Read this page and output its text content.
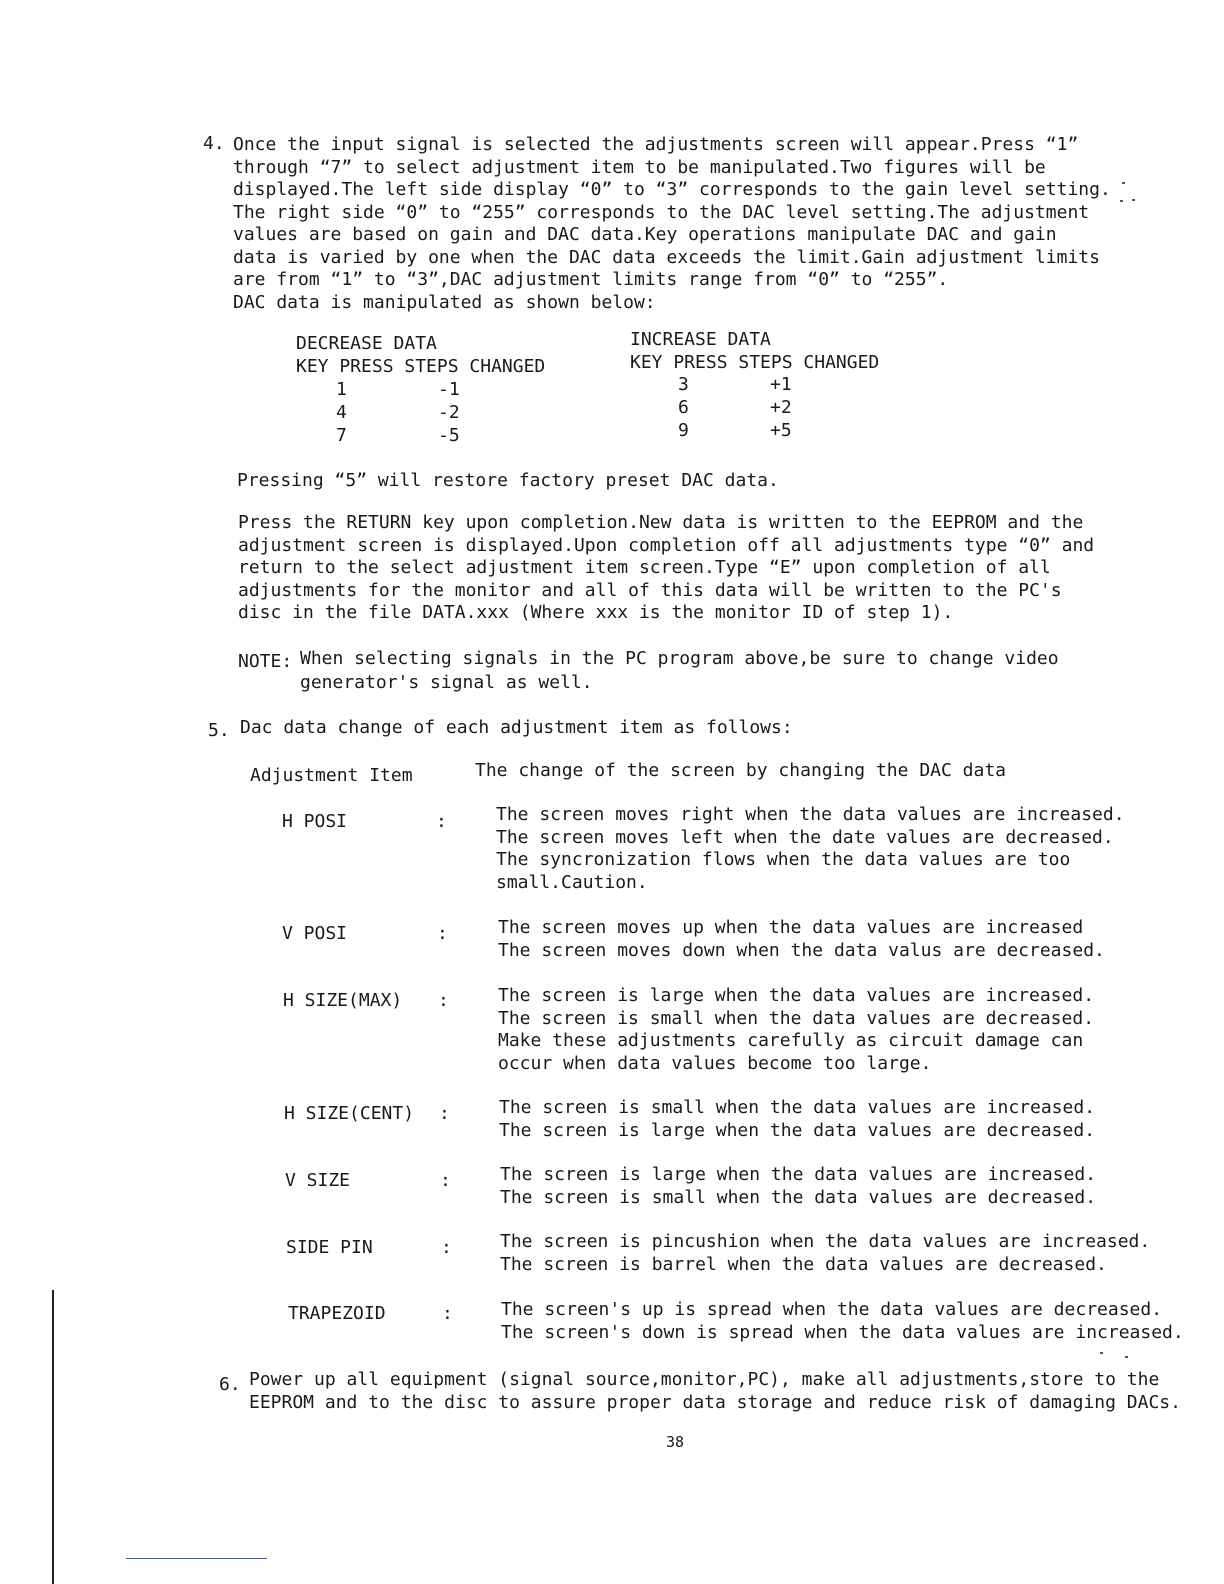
4. Once the input signal is selected the adjustments screen will appear.Press “1”
through “7” to select adjustment item to be manipulated.Two figures will be
displayed.The left side display “0” to “3” corresponds to the gain level setting.
The right side “0” to “255” corresponds to the DAC level setting.The adjustment
values are based on gain and DAC data.Key operations manipulate DAC and gain
data is varied by one when the DAC data exceeds the limit.Gain adjustment limits
are from “1” to “3”,DAC adjustment limits range from “0” to “255”.
DAC data is manipulated as shown below:
DECREASE DATA
KEY PRESS STEPS CHANGED
1	-1
4	-2
7	-5
INCREASE DATA
KEY PRESS STEPS CHANGED
3	+1
6	+2
9	+5
Pressing “5” will restore factory preset DAC data.
Press the RETURN key upon completion.New data is written to the EEPROM and the
adjustment screen is displayed.Upon completion off all adjustments type “0” and
return to the select adjustment item screen.Type “E” upon completion of all
adjustments for the monitor and all of this data will be written to the PC's
disc in the file DATA.xxx (Where xxx is the monitor ID of step 1).
NOTE: When selecting signals in the PC program above,be sure to change video
generator's signal as well.
5. Dac data change of each adjustment item as follows:
Adjustment Item	The change of the screen by changing the DAC data
H POSI	:	The screen moves right when the data values are increased.
The screen moves left when the date values are decreased.
The syncronization flows when the data values are too
small.Caution.
V POSI	:	The screen moves up when the data values are increased
The screen moves down when the data valus are decreased.
H SIZE(MAX) :	The screen is large when the data values are increased.
The screen is small when the data values are decreased.
Make these adjustments carefully as circuit damage can
occur when data values become too large.
H SIZE(CENT) :	The screen is small when the data values are increased.
The screen is large when the data values are decreased.
V SIZE	:	The screen is large when the data values are increased.
The screen is small when the data values are decreased.
SIDE PIN	:	The screen is pincushion when the data values are increased.
The screen is barrel when the data values are decreased.
TRAPEZOID	:	The screen's up is spread when the data values are decreased.
The screen's down is spread when the data values are increased.
6. Power up all equipment (signal source,monitor,PC), make all adjustments,store to the
EEPROM and to the disc to assure proper data storage and reduce risk of damaging DACs.
38
